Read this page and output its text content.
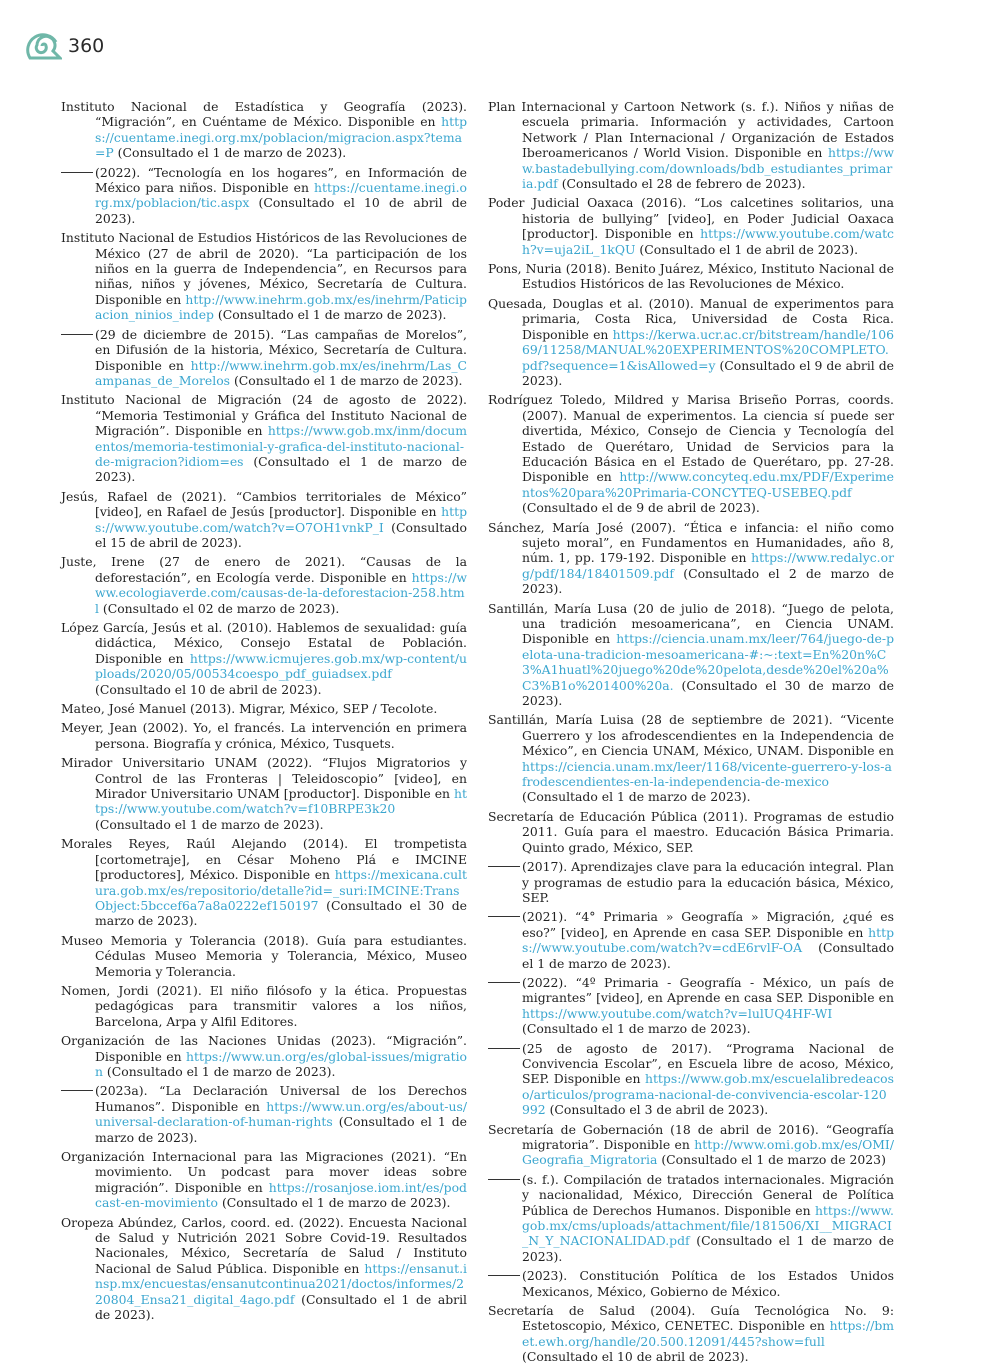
360

Instituto Nacional de Estadística y Geografía (2023). “Migración”, en Cuéntame de México. Disponible en https://cuentame.inegi.org.mx/poblacion/migracion.aspx?tema=P (Consultado el 1 de marzo de 2023).

(2022). “Tecnología en los hogares”, en Información de México para niños. Disponible en https://cuentame.inegi.org.mx/poblacion/tic.aspx (Consultado el 10 de abril de 2023).

Instituto Nacional de Estudios Históricos de las Revoluciones de México (27 de abril de 2020). “La participación de los niños en la guerra de Independencia”, en Recursos para niñas, niños y jóvenes, México, Secretaría de Cultura. Disponible en http://www.inehrm.gob.mx/es/inehrm/Paticipacion_ninios_indep (Consultado el 1 de marzo de 2023).

(29 de diciembre de 2015). “Las campañas de Morelos”, en Difusión de la historia, México, Secretaría de Cultura. Disponible en http://www.inehrm.gob.mx/es/inehrm/Las_Campanas_de_Morelos (Consultado el 1 de marzo de 2023).

Instituto Nacional de Migración (24 de agosto de 2022). “Memoria Testimonial y Gráfica del Instituto Nacional de Migración”. Disponible en https://www.gob.mx/inm/documentos/memoria-testimonial-y-grafica-del-instituto-nacional-de-migracion?idiom=es (Consultado el 1 de marzo de 2023).

Jesús, Rafael de (2021). “Cambios territoriales de México” [video], en Rafael de Jesús [productor]. Disponible en https://www.youtube.com/watch?v=O7OH1vnkP_I (Consultado el 15 de abril de 2023).

Juste, Irene (27 de enero de 2021). “Causas de la deforestación”, en Ecología verde. Disponible en https://www.ecologiaverde.com/causas-de-la-deforestacion-258.html (Consultado el 02 de marzo de 2023).

López García, Jesús et al. (2010). Hablemos de sexualidad: guía didáctica, México, Consejo Estatal de Población. Disponible en https://www.icmujeres.gob.mx/wp-content/uploads/2020/05/00534coespo_pdf_guiadsex.pdf (Consultado el 10 de abril de 2023).

Mateo, José Manuel (2013). Migrar, México, SEP / Tecolote.

Meyer, Jean (2002). Yo, el francés. La intervención en primera persona. Biografía y crónica, México, Tusquets.

Mirador Universitario UNAM (2022). “Flujos Migratorios y Control de las Fronteras | Teleidoscopio” [video], en Mirador Universitario UNAM [productor]. Disponible en https://www.youtube.com/watch?v=f10BRPE3k20 (Consultado el 1 de marzo de 2023).

Morales Reyes, Raúl Alejando (2014). El trompetista [cortometraje], en César Moheno Plá e IMCINE [productores], México. Disponible en https://mexicana.cultura.gob.mx/es/repositorio/detalle?id=_suri:IMCINE:TransObject:5bccef6a7a8a0222ef150197 (Consultado el 30 de marzo de 2023).

Museo Memoria y Tolerancia (2018). Guía para estudiantes. Cédulas Museo Memoria y Tolerancia, México, Museo Memoria y Tolerancia.

Nomen, Jordi (2021). El niño filósofo y la ética. Propuestas pedagógicas para transmitir valores a los niños, Barcelona, Arpa y Alfil Editores.

Organización de las Naciones Unidas (2023). “Migración”. Disponible en https://www.un.org/es/global-issues/migration (Consultado el 1 de marzo de 2023).

(2023a). “La Declaración Universal de los Derechos Humanos”. Disponible en https://www.un.org/es/about-us/universal-declaration-of-human-rights (Consultado el 1 de marzo de 2023).

Organización Internacional para las Migraciones (2021). “En movimiento. Un podcast para mover ideas sobre migración”. Disponible en https://rosanjose.iom.int/es/podcast-en-movimiento (Consultado el 1 de marzo de 2023).

Oropeza Abúndez, Carlos, coord. ed. (2022). Encuesta Nacional de Salud y Nutrición 2021 Sobre Covid-19. Resultados Nacionales, México, Secretaría de Salud / Instituto Nacional de Salud Pública. Disponible en https://ensanut.insp.mx/encuestas/ensanutcontinua2021/doctos/informes/220804_Ensa21_digital_4ago.pdf (Consultado el 1 de abril de 2023).

Plan Internacional y Cartoon Network (s. f.). Niños y niñas de escuela primaria. Información y actividades, Cartoon Network / Plan Internacional / Organización de Estados Iberoamericanos / World Vision. Disponible en https://www.bastadebullying.com/downloads/bdb_estudiantes_primaria.pdf (Consultado el 28 de febrero de 2023).

Poder Judicial Oaxaca (2016). “Los calcetines solitarios, una historia de bullying” [video], en Poder Judicial Oaxaca [productor]. Disponible en https://www.youtube.com/watch?v=uja2iL_1kQU (Consultado el 1 de abril de 2023).

Pons, Nuria (2018). Benito Juárez, México, Instituto Nacional de Estudios Históricos de las Revoluciones de México.

Quesada, Douglas et al. (2010). Manual de experimentos para primaria, Costa Rica, Universidad de Costa Rica. Disponible en https://kerwa.ucr.ac.cr/bitstream/handle/10669/11258/MANUAL%20EXPERIMENTOS%20COMPLETO.pdf?sequence=1&isAllowed=y (Consultado el 9 de abril de 2023).

Rodríguez Toledo, Mildred y Marisa Briseño Porras, coords. (2007). Manual de experimentos. La ciencia sí puede ser divertida, México, Consejo de Ciencia y Tecnología del Estado de Querétaro, Unidad de Servicios para la Educación Básica en el Estado de Querétaro, pp. 27-28. Disponible en http://www.concyteq.edu.mx/PDF/Experimentos%20para%20Primaria-CONCYTEQ-USEBEQ.pdf (Consultado el de 9 de abril de 2023).

Sánchez, María José (2007). “Ética e infancia: el niño como sujeto moral”, en Fundamentos en Humanidades, año 8, núm. 1, pp. 179-192. Disponible en https://www.redalyc.org/pdf/184/18401509.pdf (Consultado el 2 de marzo de 2023).

Santillán, María Lusa (20 de julio de 2018). “Juego de pelota, una tradición mesoamericana”, en Ciencia UNAM. Disponible en https://ciencia.unam.mx/leer/764/juego-de-pelota-una-tradicion-mesoamericana-#:~:text=En%20n%C3%A1huatl%20juego%20de%20pelota,desde%20el%20a%C3%B1o%201400%20a. (Consultado el 30 de marzo de 2023).

Santillán, María Luisa (28 de septiembre de 2021). “Vicente Guerrero y los afrodescendientes en la Independencia de México”, en Ciencia UNAM, México, UNAM. Disponible en https://ciencia.unam.mx/leer/1168/vicente-guerrero-y-los-afrodescendientes-en-la-independencia-de-mexico (Consultado el 1 de marzo de 2023).

Secretaría de Educación Pública (2011). Programas de estudio 2011. Guía para el maestro. Educación Básica Primaria. Quinto grado, México, SEP.

(2017). Aprendizajes clave para la educación integral. Plan y programas de estudio para la educación básica, México, SEP.

(2021). “4° Primaria » Geografía » Migración, ¿qué es eso?” [video], en Aprende en casa SEP. Disponible en https://www.youtube.com/watch?v=cdE6rvlF-OA (Consultado el 1 de marzo de 2023).

(2022). “4º Primaria - Geografía - México, un país de migrantes” [video], en Aprende en casa SEP. Disponible en https://www.youtube.com/watch?v=lulUQ4HF-WI (Consultado el 1 de marzo de 2023).

(25 de agosto de 2017). “Programa Nacional de Convivencia Escolar”, en Escuela libre de acoso, México, SEP. Disponible en https://www.gob.mx/escuelalibredeacoso/articulos/programa-nacional-de-convivencia-escolar-120992 (Consultado el 3 de abril de 2023).

Secretaría de Gobernación (18 de abril de 2016). “Geografía migratoria”. Disponible en http://www.omi.gob.mx/es/OMI/Geografia_Migratoria (Consultado el 1 de marzo de 2023)

(s. f.). Compilación de tratados internacionales. Migración y nacionalidad, México, Dirección General de Política Pública de Derechos Humanos. Disponible en https://www.gob.mx/cms/uploads/attachment/file/181506/XI__MIGRACI_N_Y_NACIONALIDAD.pdf (Consultado el 1 de marzo de 2023).

(2023). Constitución Política de los Estados Unidos Mexicanos, México, Gobierno de México.

Secretaría de Salud (2004). Guía Tecnológica No. 9: Estetoscopio, México, CENETEC. Disponible en https://bmet.ewh.org/handle/20.500.12091/445?show=full (Consultado el 10 de abril de 2023).
